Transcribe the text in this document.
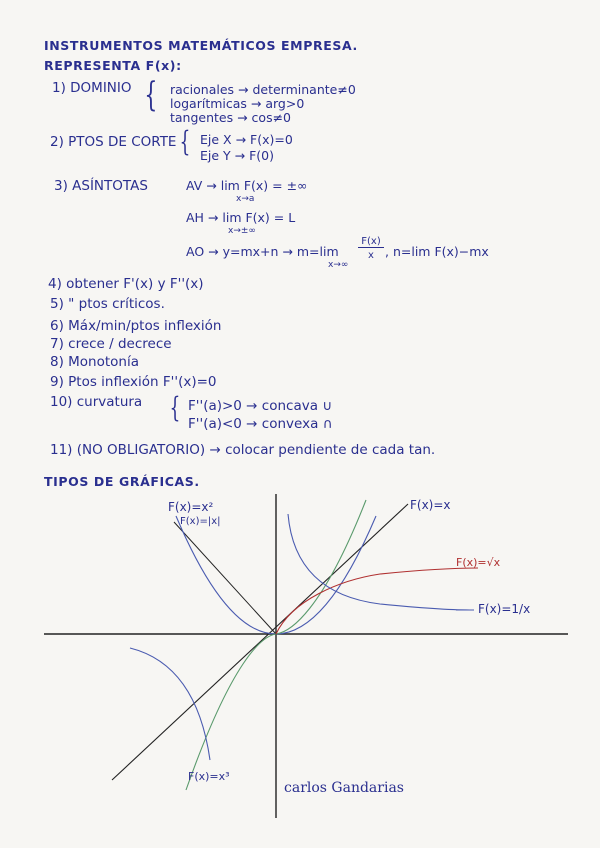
INSTRUMENTOS MATEMÁTICOS EMPRESA.
REPRESENTA F(x):
1) DOMINIO { racionales → determinante≠0
logarítmicas → arg>0
tangentes → cos≠0
2) PTOS DE CORTE { Eje X → F(x)=0
Eje Y → F(0)
3) ASÍNTOTAS	AV → lim F(x) = ±∞
x→a
AH → lim F(x) = L
x→±∞
AO → y=mx+n → m=lim
F(x)
x , n=lim F(x)−mx
x→∞
4) obtener F'(x) y F''(x)
5) " ptos críticos.
6) Máx/min/ptos inflexión
7) crece / decrece
8) Monotonía
9) Ptos inflexión F''(x)=0
10) curvatura { F''(a)>0 → concava ∪
F''(a)<0 → convexa ∩
11) (NO OBLIGATORIO) → colocar pendiente de cada tan.
TIPOS DE GRÁFICAS.
F(x)=x²
F(x)=|x|
F(x)=x
F(x)=√x
F(x)=1/x
F(x)=x³
carlos Gandarias
